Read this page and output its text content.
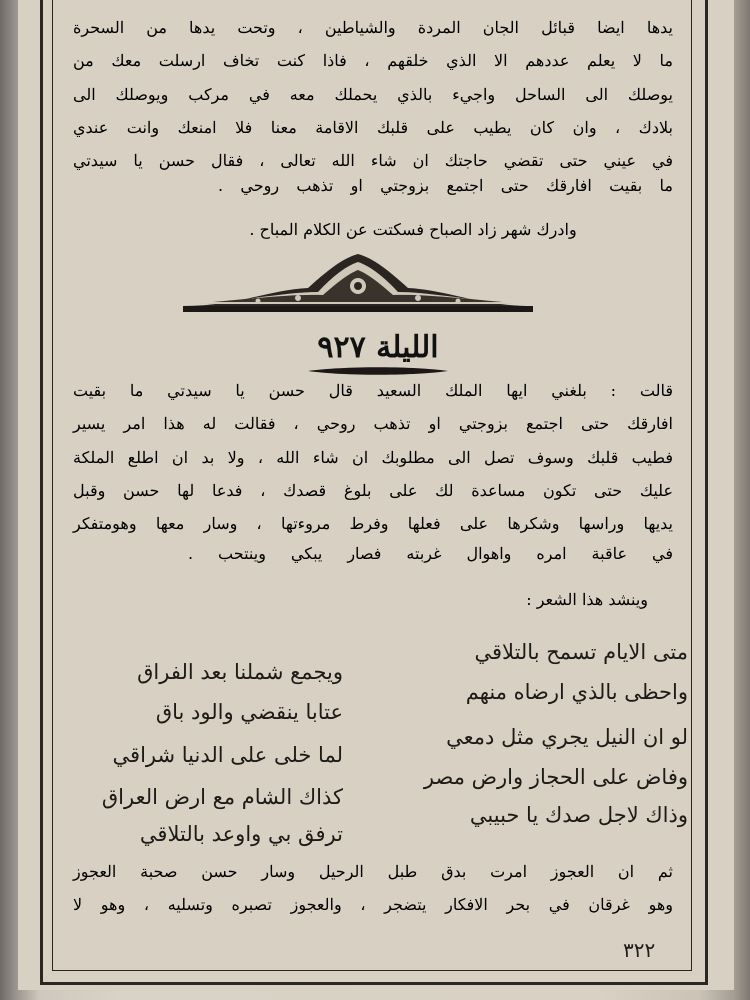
يدها ايضا قبائل الجان المردة والشياطين ، وتحت يدها من السحرة
ما لا يعلم عددهم الا الذي خلقهم ، فاذا كنت تخاف ارسلت معك من
يوصلك الى الساحل واجيء بالذي يحملك معه في مركب ويوصلك الى
بلادك ، وان كان يطيب على قلبك الاقامة معنا فلا امنعك وانت عندي
في عيني حتى تقضي حاجتك ان شاء الله تعالى ، فقال حسن يا سيدتي
ما بقيت افارقك حتى اجتمع بزوجتي او تذهب روحي .
وادرك شهر زاد الصباح فسكتت عن الكلام المباح .
الليلة ٩٢٧
قالت : بلغني ايها الملك السعيد قال حسن يا سيدتي ما بقيت
افارقك حتى اجتمع بزوجتي او تذهب روحي ، فقالت له هذا امر يسير
فطيب قلبك وسوف تصل الى مطلوبك ان شاء الله ، ولا بد ان اطلع الملكة
عليك حتى تكون مساعدة لك على بلوغ قصدك ، فدعا لها حسن وقبل
يديها وراسها وشكرها على فعلها وفرط مروءتها ، وسار معها وهومتفكر
في عاقبة امره واهوال غربته فصار يبكي وينتحب .
وينشد هذا الشعر :
متى الايام تسمح بالتلاقي
ويجمع شملنا بعد الفراق
واحظى بالذي ارضاه منهم
عتابا ينقضي والود باق
لو ان النيل يجري مثل دمعي
لما خلى على الدنيا شراقي
وفاض على الحجاز وارض مصر
كذاك الشام مع ارض العراق
وذاك لاجل صدك يا حبيبي
ترفق بي واوعد بالتلاقي
ثم ان العجوز امرت بدق طبل الرحيل وسار حسن صحبة العجوز
وهو غرقان في بحر الافكار يتضجر ، والعجوز تصبره وتسليه ، وهو لا
٣٢٢
